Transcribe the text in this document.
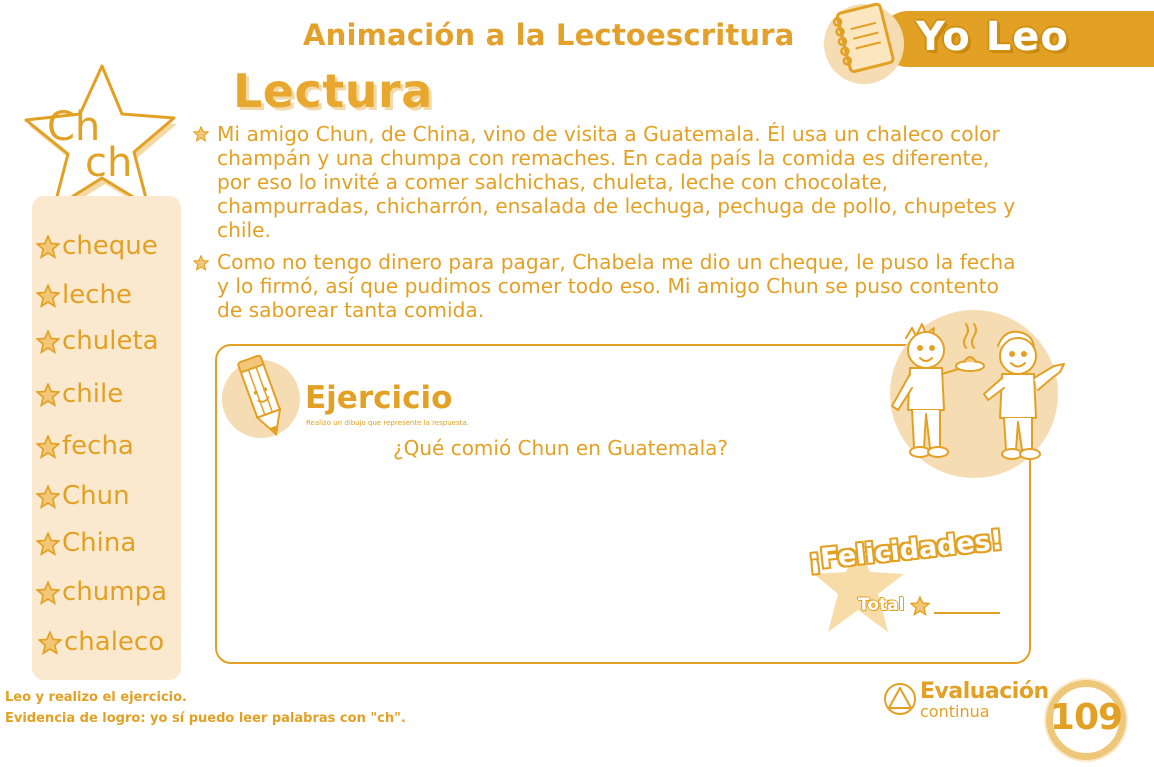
Animación a la Lectoescritura	Yo Leo
Lectura
Ch
ch
cheque
leche
chuleta
chile
fecha
Chun
China
chumpa
chaleco
Mi amigo Chun, de China, vino de visita a Guatemala. Él usa un chaleco color champán y una chumpa con remaches. En cada país la comida es diferente, por eso lo invité a comer salchichas, chuleta, leche con chocolate, champurradas, chicharrón, ensalada de lechuga, pechuga de pollo, chupetes y chile.
Como no tengo dinero para pagar, Chabela me dio un cheque, le puso la fecha y lo firmó, así que pudimos comer todo eso. Mi amigo Chun se puso contento de saborear tanta comida.
Ejercicio
Realizo un dibujo que represente la respuesta.
¿Qué comió Chun en Guatemala?
¡Felicidades!
Total
Leo y realizo el ejercicio.
Evidencia de logro: yo sí puedo leer palabras con "ch".
Evaluación
continua 109
